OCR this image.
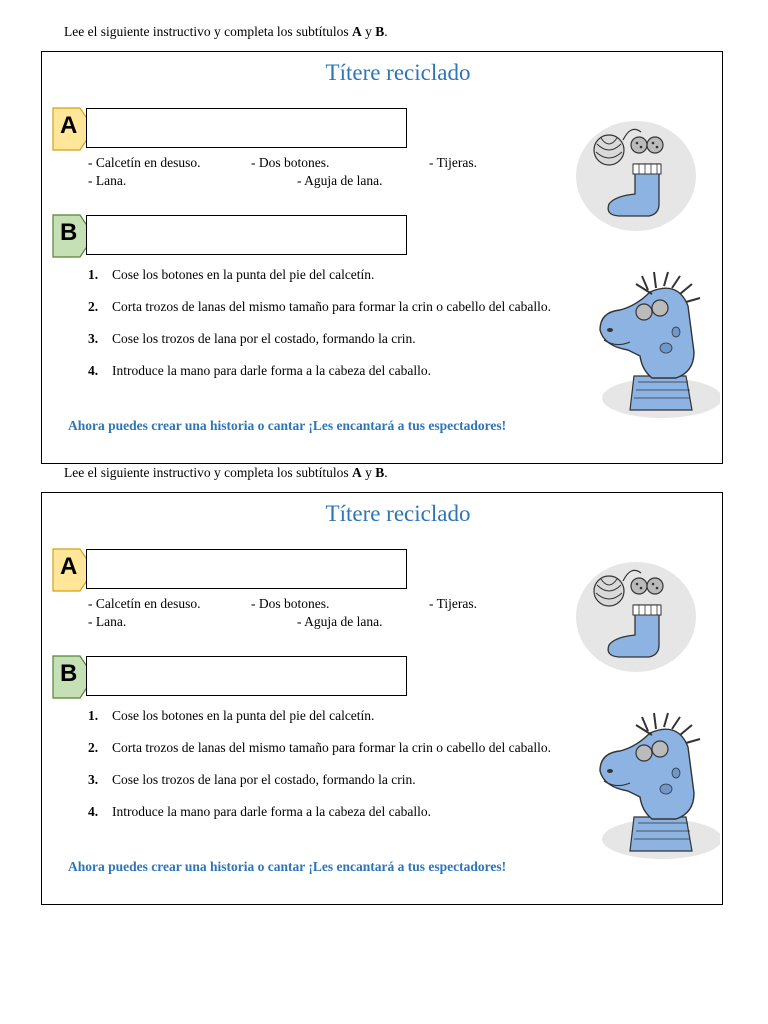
Lee el siguiente instructivo y completa los subtítulos A y B.
Títere reciclado
A
- Calcetín en desuso.	- Dos botones.	- Tijeras.
- Lana.	- Aguja de lana.
B
1. Cose los botones en la punta del pie del calcetín.
2. Corta trozos de lanas del mismo tamaño para formar la crin o cabello del caballo.
3. Cose los trozos de lana por el costado, formando la crin.
4. Introduce la mano para darle forma a la cabeza del caballo.
Ahora puedes crear una historia o cantar ¡Les encantará a tus espectadores!
Lee el siguiente instructivo y completa los subtítulos A y B.
Títere reciclado
A
- Calcetín en desuso.	- Dos botones.	- Tijeras.
- Lana.	- Aguja de lana.
B
1. Cose los botones en la punta del pie del calcetín.
2. Corta trozos de lanas del mismo tamaño para formar la crin o cabello del caballo.
3. Cose los trozos de lana por el costado, formando la crin.
4. Introduce la mano para darle forma a la cabeza del caballo.
Ahora puedes crear una historia o cantar ¡Les encantará a tus espectadores!
